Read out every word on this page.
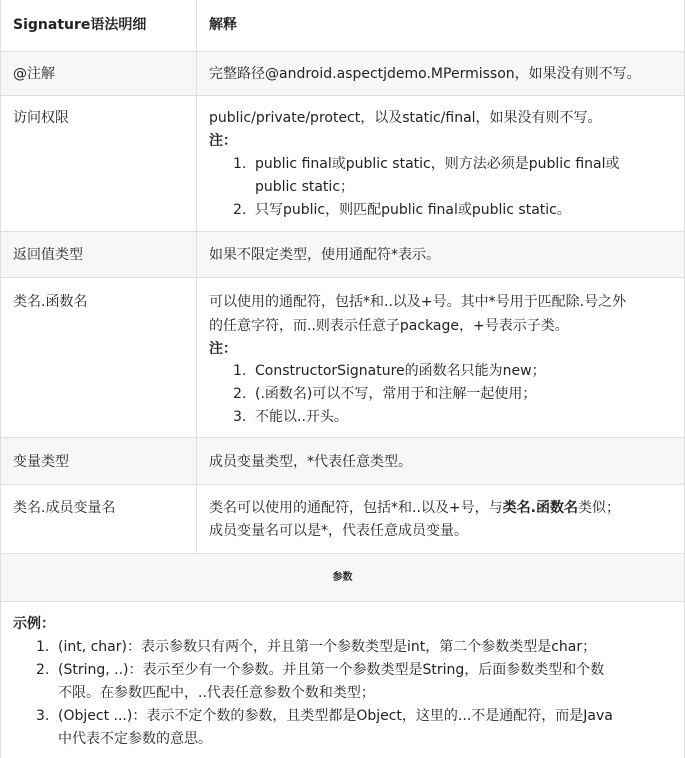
Signature语法明细	解释
@注解	完整路径@android.aspectjdemo.MPermisson，如果没有则不写。
访问权限	public/private/protect，以及static/final，如果没有则不写。
注：
1. public final或public static，则方法必须是public final或
public static；
2. 只写public，则匹配public final或public static。
返回值类型	如果不限定类型，使用通配符*表示。
类名.函数名	可以使用的通配符，包括*和..以及+号。其中*号用于匹配除.号之外
的任意字符，而..则表示任意子package，+号表示子类。
注：
1. ConstructorSignature的函数名只能为new；
2. (.函数名)可以不写，常用于和注解一起使用；
3. 不能以..开头。
变量类型	成员变量类型，*代表任意类型。
类名.成员变量名	类名可以使用的通配符，包括*和..以及+号，与类名.函数名类似；
成员变量名可以是*，代表任意成员变量。
参数
示例：
1. (int, char)：表示参数只有两个，并且第一个参数类型是int，第二个参数类型是char；
2. (String, ..)：表示至少有一个参数。并且第一个参数类型是String，后面参数类型和个数
不限。在参数匹配中，..代表任意参数个数和类型；
3. (Object ...)：表示不定个数的参数，且类型都是Object，这里的...不是通配符，而是Java
中代表不定参数的意思。
